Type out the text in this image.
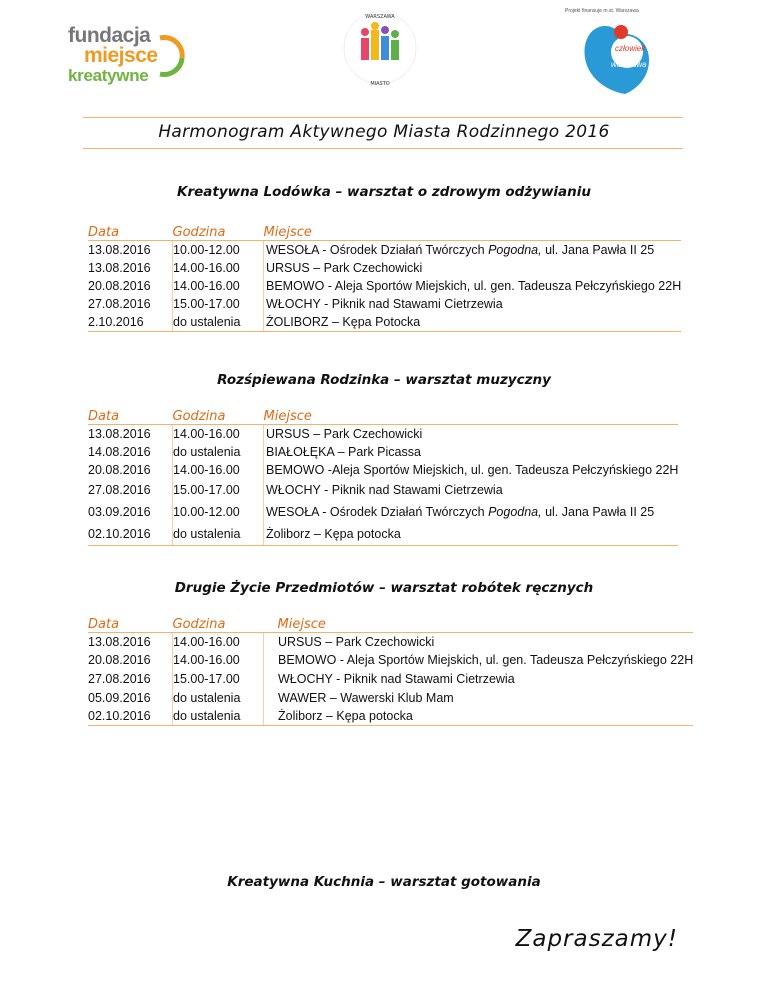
fundacja
miejsce
kreatywne
WARSZAWA
MIASTO
Projekt finansuje m.st. Warszawa
człowiek
warszawa
Harmonogram Aktywnego Miasta Rodzinnego 2016
Kreatywna Lodówka – warsztat o zdrowym odżywianiu
Data	Godzina	Miejsce
13.08.2016	10.00-12.00	WESOŁA - Ośrodek Działań Twórczych Pogodna, ul. Jana Pawła II 25
13.08.2016	14.00-16.00	URSUS – Park Czechowicki
20.08.2016	14.00-16.00	BEMOWO - Aleja Sportów Miejskich, ul. gen. Tadeusza Pełczyńskiego 22H
27.08.2016	15.00-17.00	WŁOCHY - Piknik nad Stawami Cietrzewia
2.10.2016	do ustalenia	ŻOLIBORZ – Kępa Potocka
Rozśpiewana Rodzinka – warsztat muzyczny
Data	Godzina	Miejsce
13.08.2016	14.00-16.00	URSUS – Park Czechowicki
14.08.2016	do ustalenia	BIAŁOŁĘKA – Park Picassa
20.08.2016	14.00-16.00	BEMOWO -Aleja Sportów Miejskich, ul. gen. Tadeusza Pełczyńskiego 22H
27.08.2016	15.00-17.00	WŁOCHY - Piknik nad Stawami Cietrzewia
03.09.2016	10.00-12.00	WESOŁA - Ośrodek Działań Twórczych Pogodna, ul. Jana Pawła II 25
02.10.2016	do ustalenia	Żoliborz – Kępa potocka
Drugie Życie Przedmiotów – warsztat robótek ręcznych
Data	Godzina	Miejsce
13.08.2016	14.00-16.00	URSUS – Park Czechowicki
20.08.2016	14.00-16.00	BEMOWO - Aleja Sportów Miejskich, ul. gen. Tadeusza Pełczyńskiego 22H
27.08.2016	15.00-17.00	WŁOCHY - Piknik nad Stawami Cietrzewia
05.09.2016	do ustalenia	WAWER – Wawerski Klub Mam
02.10.2016	do ustalenia	Żoliborz – Kępa potocka
Kreatywna Kuchnia – warsztat gotowania
Zapraszamy!
